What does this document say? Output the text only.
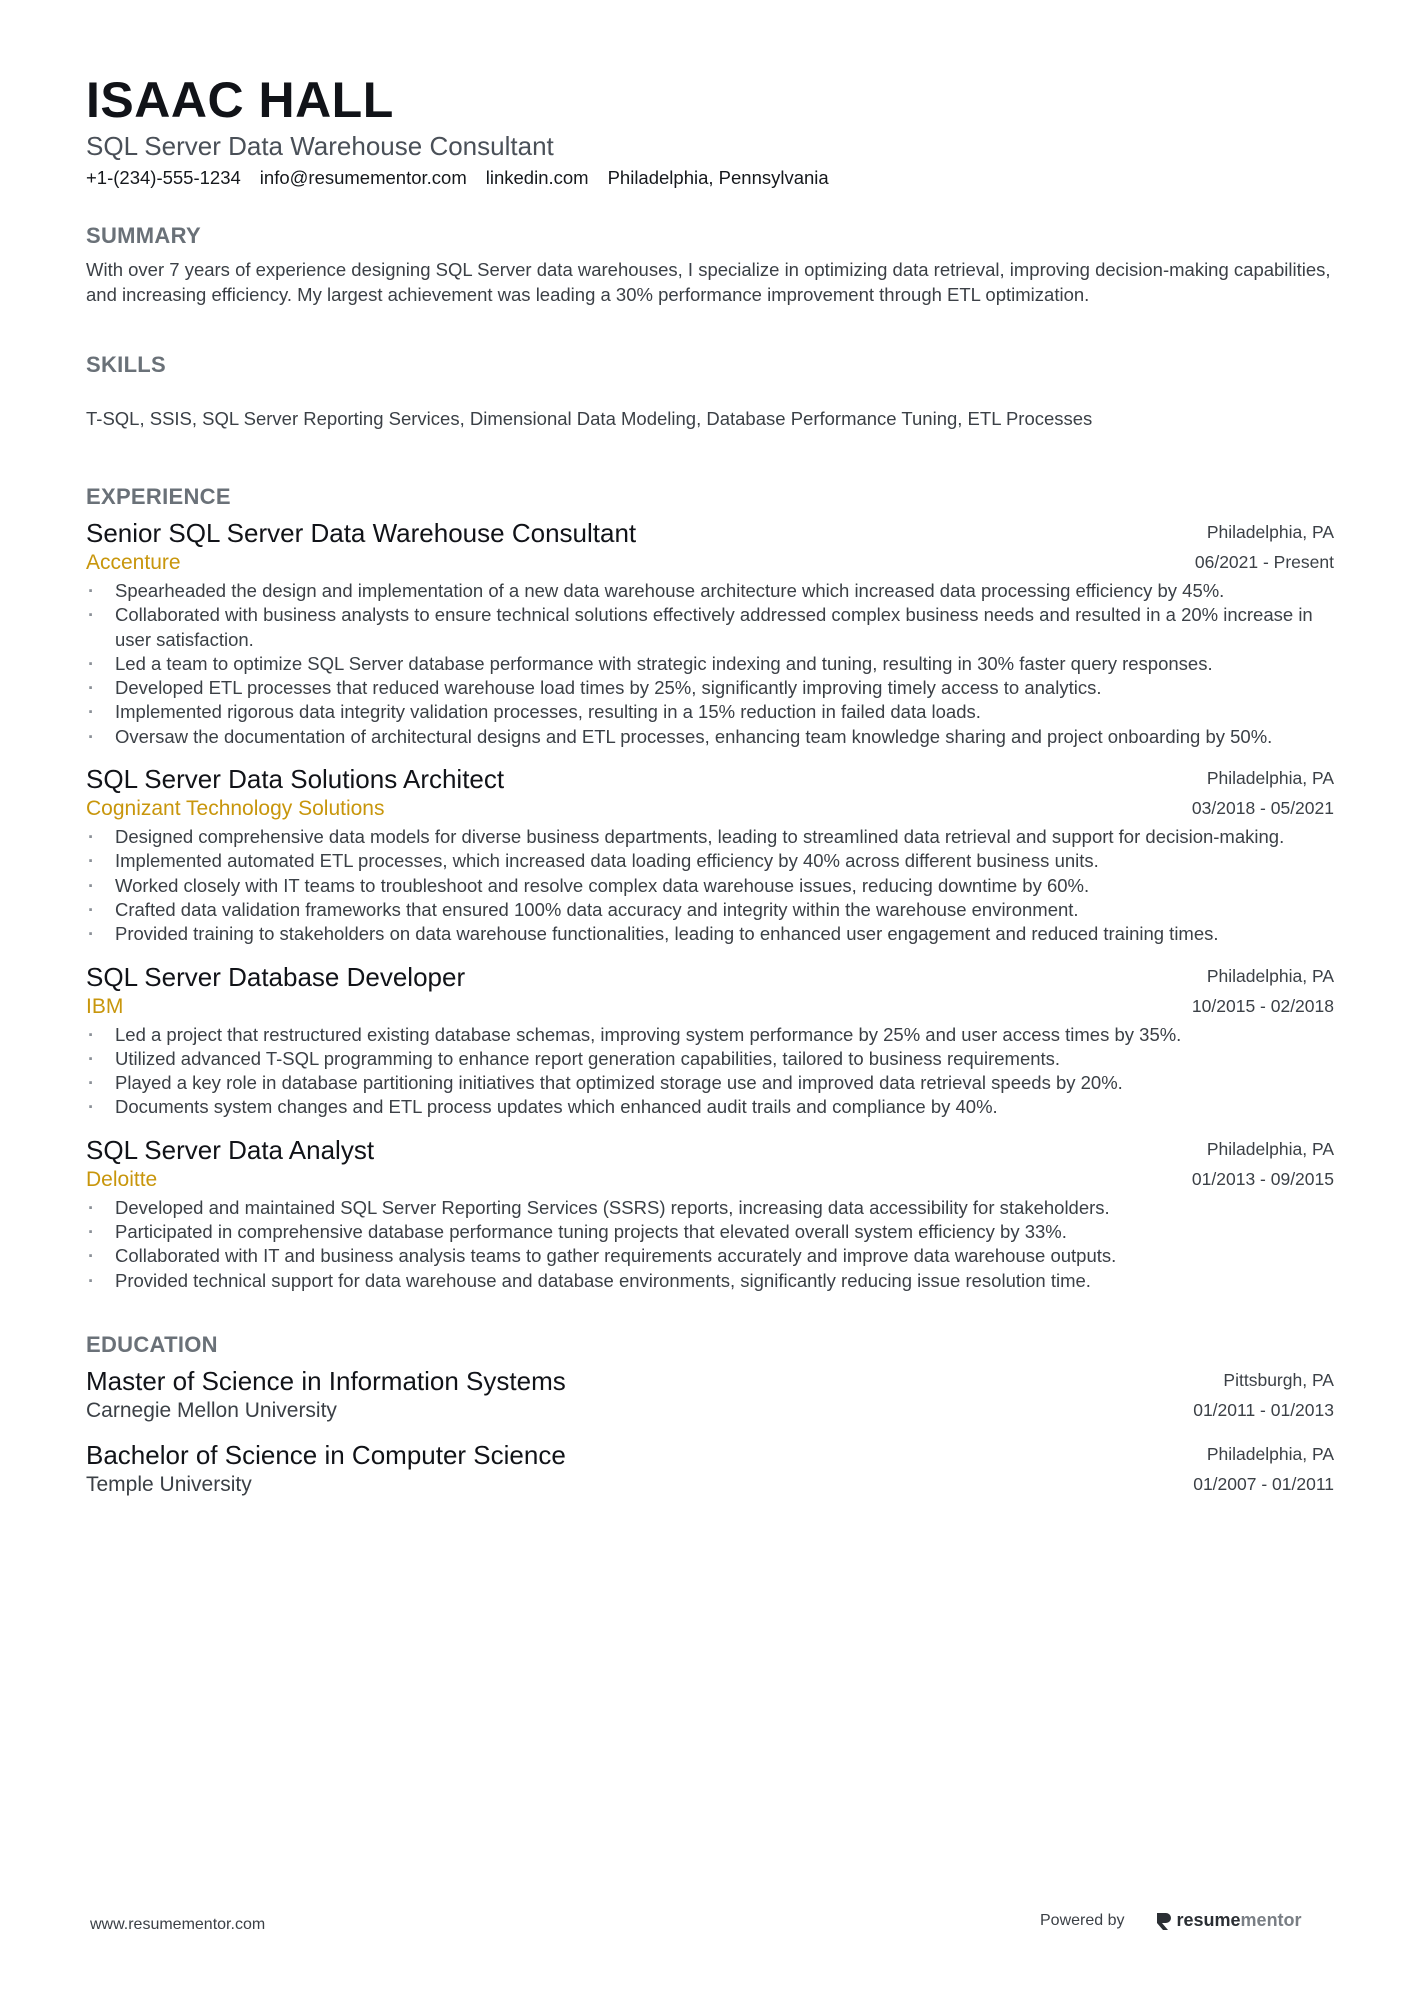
ISAAC HALL
SQL Server Data Warehouse Consultant
+1-(234)-555-1234 info@resumementor.com linkedin.com Philadelphia, Pennsylvania
SUMMARY
With over 7 years of experience designing SQL Server data warehouses, I specialize in optimizing data retrieval, improving decision-making capabilities, and increasing efficiency. My largest achievement was leading a 30% performance improvement through ETL optimization.
SKILLS
T-SQL, SSIS, SQL Server Reporting Services, Dimensional Data Modeling, Database Performance Tuning, ETL Processes
EXPERIENCE
Senior SQL Server Data Warehouse Consultant
Accenture
Philadelphia, PA
06/2021 - Present
· Spearheaded the design and implementation of a new data warehouse architecture which increased data processing efficiency by 45%.
· Collaborated with business analysts to ensure technical solutions effectively addressed complex business needs and resulted in a 20% increase in user satisfaction.
· Led a team to optimize SQL Server database performance with strategic indexing and tuning, resulting in 30% faster query responses.
· Developed ETL processes that reduced warehouse load times by 25%, significantly improving timely access to analytics.
· Implemented rigorous data integrity validation processes, resulting in a 15% reduction in failed data loads.
· Oversaw the documentation of architectural designs and ETL processes, enhancing team knowledge sharing and project onboarding by 50%.
SQL Server Data Solutions Architect
Cognizant Technology Solutions
Philadelphia, PA
03/2018 - 05/2021
· Designed comprehensive data models for diverse business departments, leading to streamlined data retrieval and support for decision-making.
· Implemented automated ETL processes, which increased data loading efficiency by 40% across different business units.
· Worked closely with IT teams to troubleshoot and resolve complex data warehouse issues, reducing downtime by 60%.
· Crafted data validation frameworks that ensured 100% data accuracy and integrity within the warehouse environment.
· Provided training to stakeholders on data warehouse functionalities, leading to enhanced user engagement and reduced training times.
SQL Server Database Developer
IBM
Philadelphia, PA
10/2015 - 02/2018
· Led a project that restructured existing database schemas, improving system performance by 25% and user access times by 35%.
· Utilized advanced T-SQL programming to enhance report generation capabilities, tailored to business requirements.
· Played a key role in database partitioning initiatives that optimized storage use and improved data retrieval speeds by 20%.
· Documents system changes and ETL process updates which enhanced audit trails and compliance by 40%.
SQL Server Data Analyst
Deloitte
Philadelphia, PA
01/2013 - 09/2015
· Developed and maintained SQL Server Reporting Services (SSRS) reports, increasing data accessibility for stakeholders.
· Participated in comprehensive database performance tuning projects that elevated overall system efficiency by 33%.
· Collaborated with IT and business analysis teams to gather requirements accurately and improve data warehouse outputs.
· Provided technical support for data warehouse and database environments, significantly reducing issue resolution time.
EDUCATION
Master of Science in Information Systems
Carnegie Mellon University
Pittsburgh, PA
01/2011 - 01/2013
Bachelor of Science in Computer Science
Temple University
Philadelphia, PA
01/2007 - 01/2011
www.resumementor.com	Powered by	resumementor
